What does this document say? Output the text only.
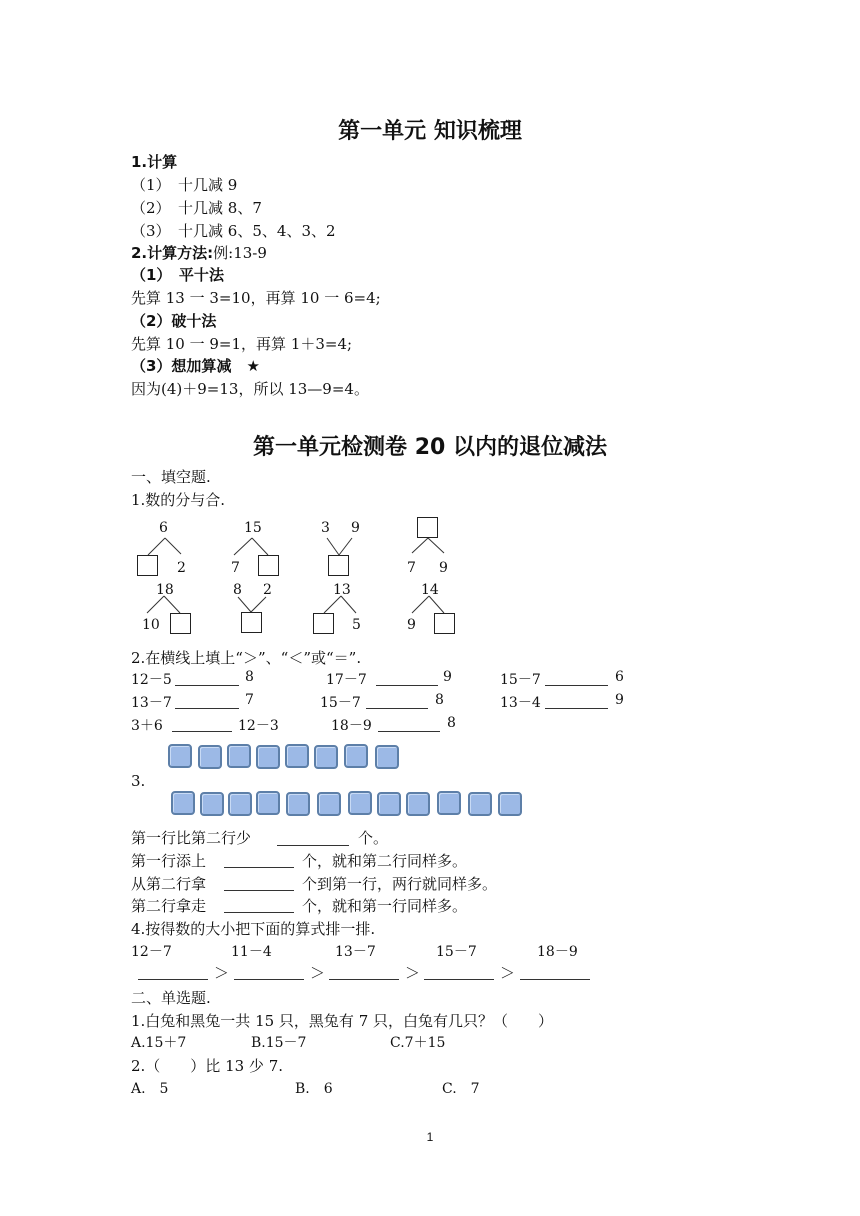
第一单元 知识梳理
1.计算
（1）　十几减 9
（2）　十几减 8、7
（3）　十几减 6、5、4、3、2
2.计算方法:例:13-9
（1）　平十法
先算 13 一 3=10，再算 10 一 6=4;
（2）破十法
先算 10 一 9=1，再算 1＋3=4;
（3）想加算减　★
因为(4)＋9=13，所以 13—9=4。
第一单元检测卷 20 以内的退位减法
一、填空题.
1.数的分与合.
6
2
15
7
3 9
7 9
18
10
8 2	13
5
14
9
2.在横线上填上“＞”、“＜”或“＝”.
12－5	8	17－7	9	15－7	6
13－7	7	15－7	8	13－4	9
3＋6	12－3	18－9	8
3.
第一行比第二行少	个。
第一行添上	个，就和第二行同样多。
从第二行拿	个到第一行，两行就同样多。
第二行拿走	个，就和第一行同样多。
4.按得数的大小把下面的算式排一排.
12－7	11－4	13－7	15－7	18－9
＞	＞	＞	＞
二、单选题.
1.白兔和黑兔一共 15 只，黑兔有 7 只，白兔有几只？（　　）
A.15＋7	B.15－7	C.7＋15
2.（　　）比 13 少 7.
A.　5	B.　6	C.　7
1
